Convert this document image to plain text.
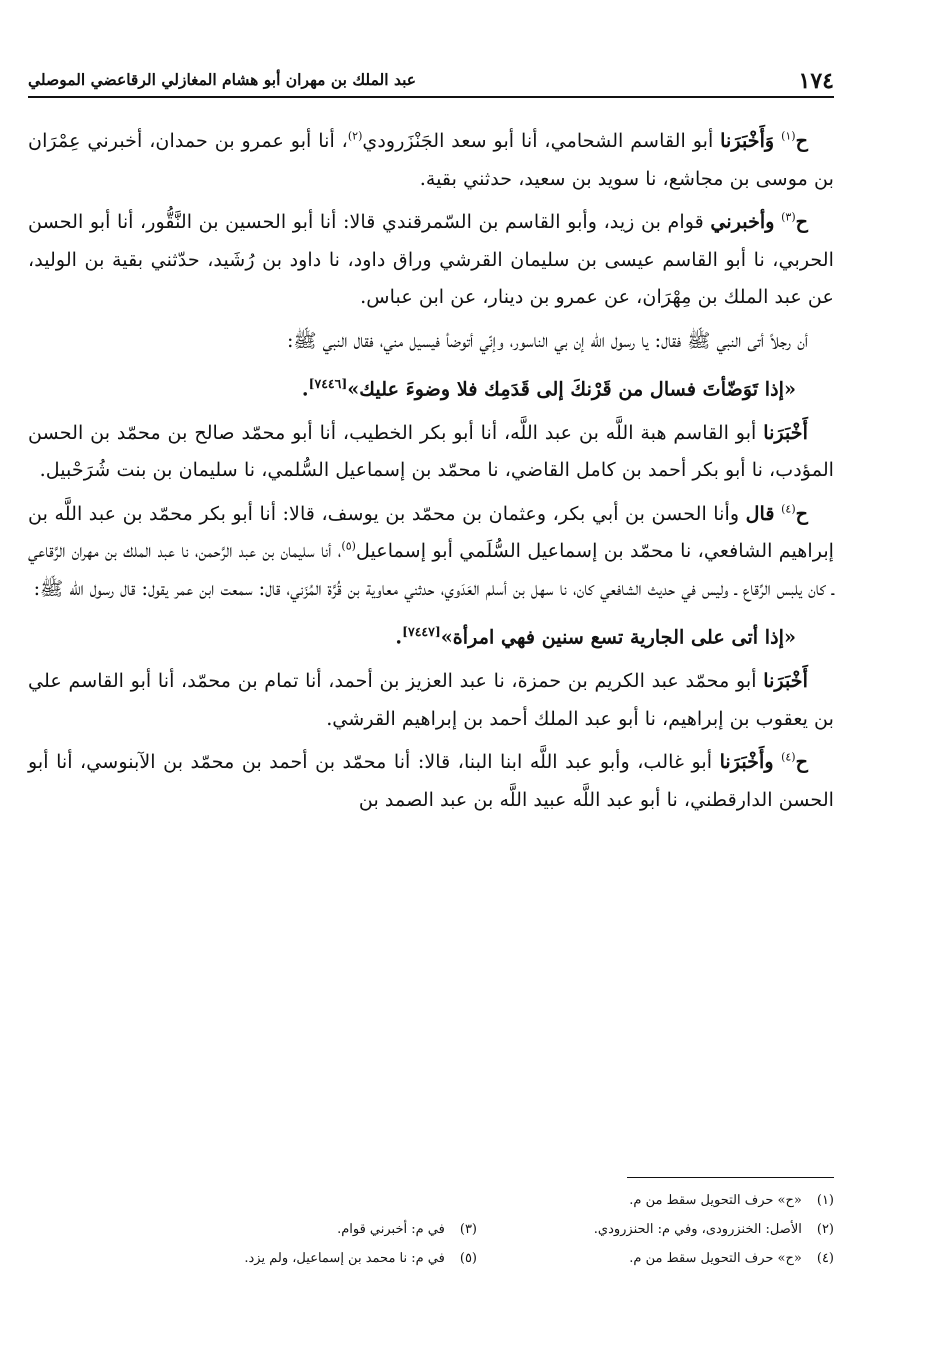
١٧٤
عبد الملك بن مهران أبو هشام المغازلي الرقاعضي الموصلي

ح$^{(١)}$ وَأَخْبَرَنا أبو القاسم الشحامي، أنا أبو سعد الجَنْزَرودي$^{(٢)}$، أنا أبو عمرو بن حمدان، أخبرني عِمْرَان بن موسى بن مجاشع، نا سويد بن سعيد، حدثني بقية.

ح$^{(٣)}$ وأخبرني قوام بن زيد، وأبو القاسم بن السّمرقندي قالا: أنا أبو الحسين بن النَّقُّور، أنا أبو الحسن الحربي، نا أبو القاسم عيسى بن سليمان القرشي وراق داود، نا داود بن رُشَيد، حدّثني بقية بن الوليد، عن عبد الملك بن مِهْرَان، عن عمرو بن دينار، عن ابن عباس.

أن رجلاً أتى النبي ﷺ فقال: يا رسول الله إن بي الناسور، وإنّي أتوضأ فيسيل مني، فقال النبي ﷺ:

«إذا تَوَضّأتَ فسال من قَرْنكَ إلى قَدَمِك فلا وضوءَ عليك»[٧٤٤٦].

أَخْبَرَنا أبو القاسم هبة اللَّه بن عبد اللَّه، أنا أبو بكر الخطيب، أنا أبو محمّد صالح بن محمّد بن الحسن المؤدب، نا أبو بكر أحمد بن كامل القاضي، نا محمّد بن إسماعيل السُّلمي، نا سليمان بن بنت شُرَحْبيل.

ح$^{(٤)}$ قال وأنا الحسن بن أبي بكر، وعثمان بن محمّد بن يوسف، قالا: أنا أبو بكر محمّد بن عبد اللَّه بن إبراهيم الشافعي، نا محمّد بن إسماعيل السُّلَمي أبو إسماعيل$^{(٥)}$، أنا سليمان بن عبد الرَّحمن، نا عبد الملك بن مهران الرَّقاعي ـ كان يلبس الرِّقاع ـ وليس في حديث الشافعي كان، نا سهل بن أسلم العَدَوي، حدثني معاوية بن قُرَّة المُزَني، قال: سمعت ابن عمر يقول: قال رسول الله ﷺ:

«إذا أتى على الجارية تسع سنين فهي امرأة»[٧٤٤٧].

أَخْبَرَنا أبو محمّد عبد الكريم بن حمزة، نا عبد العزيز بن أحمد، أنا تمام بن محمّد، أنا أبو القاسم علي بن يعقوب بن إبراهيم، نا أبو عبد الملك أحمد بن إبراهيم القرشي.

ح$^{(٤)}$ وأَخْبَرَنا أبو غالب، وأبو عبد اللَّه ابنا البنا، قالا: أنا محمّد بن أحمد بن محمّد بن الآبنوسي، أنا أبو الحسن الدارقطني، نا أبو عبد اللَّه عبيد اللَّه بن عبد الصمد بن

(١) «ح» حرف التحويل سقط من م.
(٢) الأصل: الخنزرودى، وفي م: الحنزرودي.
(٣) في م: أخبرني قوام.
(٤) «ح» حرف التحويل سقط من م.
(٥) في م: نا محمد بن إسماعيل، ولم يزد.
